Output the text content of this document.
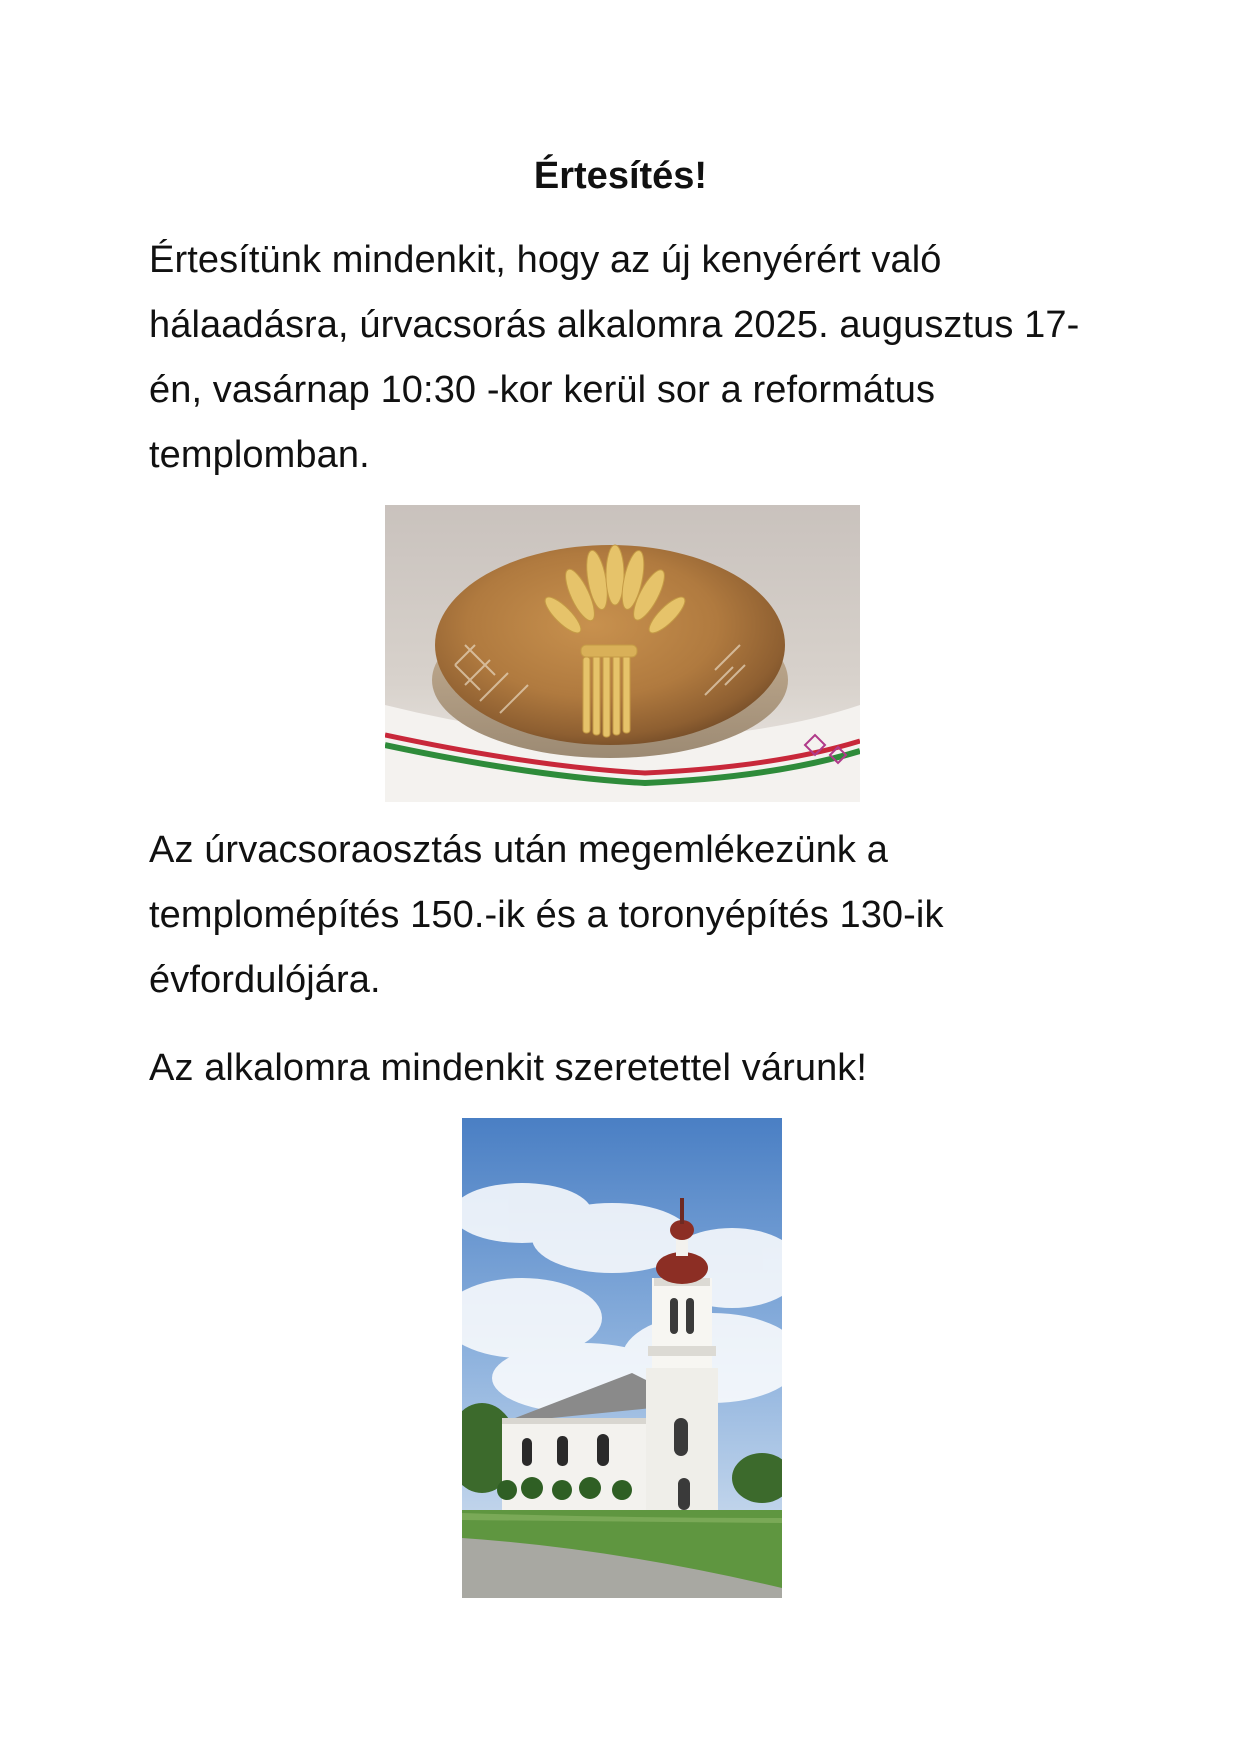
Értesítés!

Értesítünk mindenkit, hogy az új kenyérért való hálaadásra, úrvacsorás alkalomra 2025. augusztus 17-én, vasárnap 10:30 -kor kerül sor a református templomban.

Az úrvacsoraosztás után megemlékezünk a templomépítés 150.-ik és a toronyépítés 130-ik évfordulójára.

Az alkalomra mindenkit szeretettel várunk!
